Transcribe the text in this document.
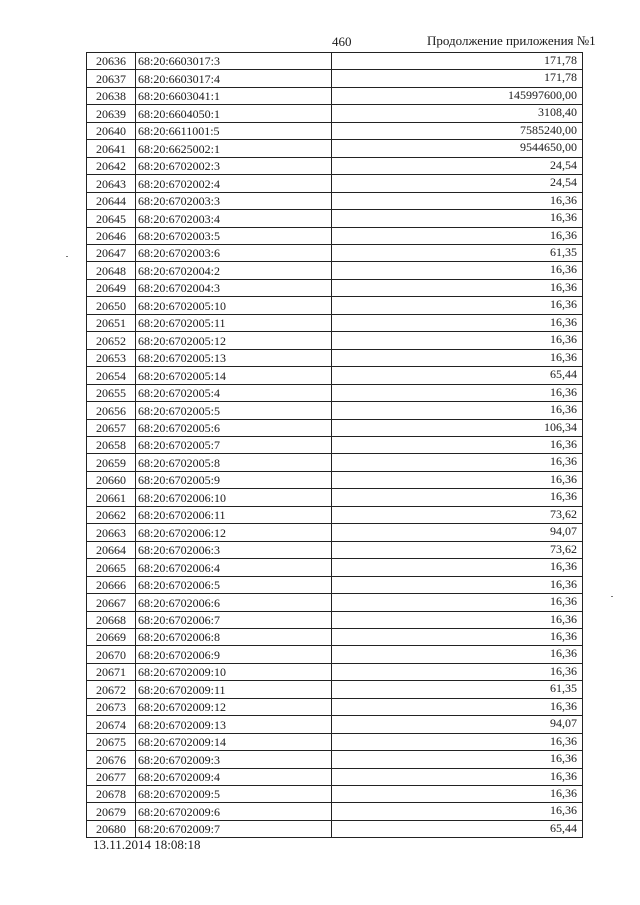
460	Продолжение приложения №1
20636	68:20:6603017:3	171,78
20637	68:20:6603017:4	171,78
20638	68:20:6603041:1	145997600,00
20639	68:20:6604050:1	3108,40
20640	68:20:6611001:5	7585240,00
20641	68:20:6625002:1	9544650,00
20642	68:20:6702002:3	24,54
20643	68:20:6702002:4	24,54
20644	68:20:6702003:3	16,36
20645	68:20:6702003:4	16,36
20646	68:20:6702003:5	16,36
20647	68:20:6702003:6	61,35
20648	68:20:6702004:2	16,36
20649	68:20:6702004:3	16,36
20650	68:20:6702005:10	16,36
20651	68:20:6702005:11	16,36
20652	68:20:6702005:12	16,36
20653	68:20:6702005:13	16,36
20654	68:20:6702005:14	65,44
20655	68:20:6702005:4	16,36
20656	68:20:6702005:5	16,36
20657	68:20:6702005:6	106,34
20658	68:20:6702005:7	16,36
20659	68:20:6702005:8	16,36
20660	68:20:6702005:9	16,36
20661	68:20:6702006:10	16,36
20662	68:20:6702006:11	73,62
20663	68:20:6702006:12	94,07
20664	68:20:6702006:3	73,62
20665	68:20:6702006:4	16,36
20666	68:20:6702006:5	16,36
20667	68:20:6702006:6	16,36
20668	68:20:6702006:7	16,36
20669	68:20:6702006:8	16,36
20670	68:20:6702006:9	16,36
20671	68:20:6702009:10	16,36
20672	68:20:6702009:11	61,35
20673	68:20:6702009:12	16,36
20674	68:20:6702009:13	94,07
20675	68:20:6702009:14	16,36
20676	68:20:6702009:3	16,36
20677	68:20:6702009:4	16,36
20678	68:20:6702009:5	16,36
20679	68:20:6702009:6	16,36
20680	68:20:6702009:7	65,44
13.11.2014 18:08:18
